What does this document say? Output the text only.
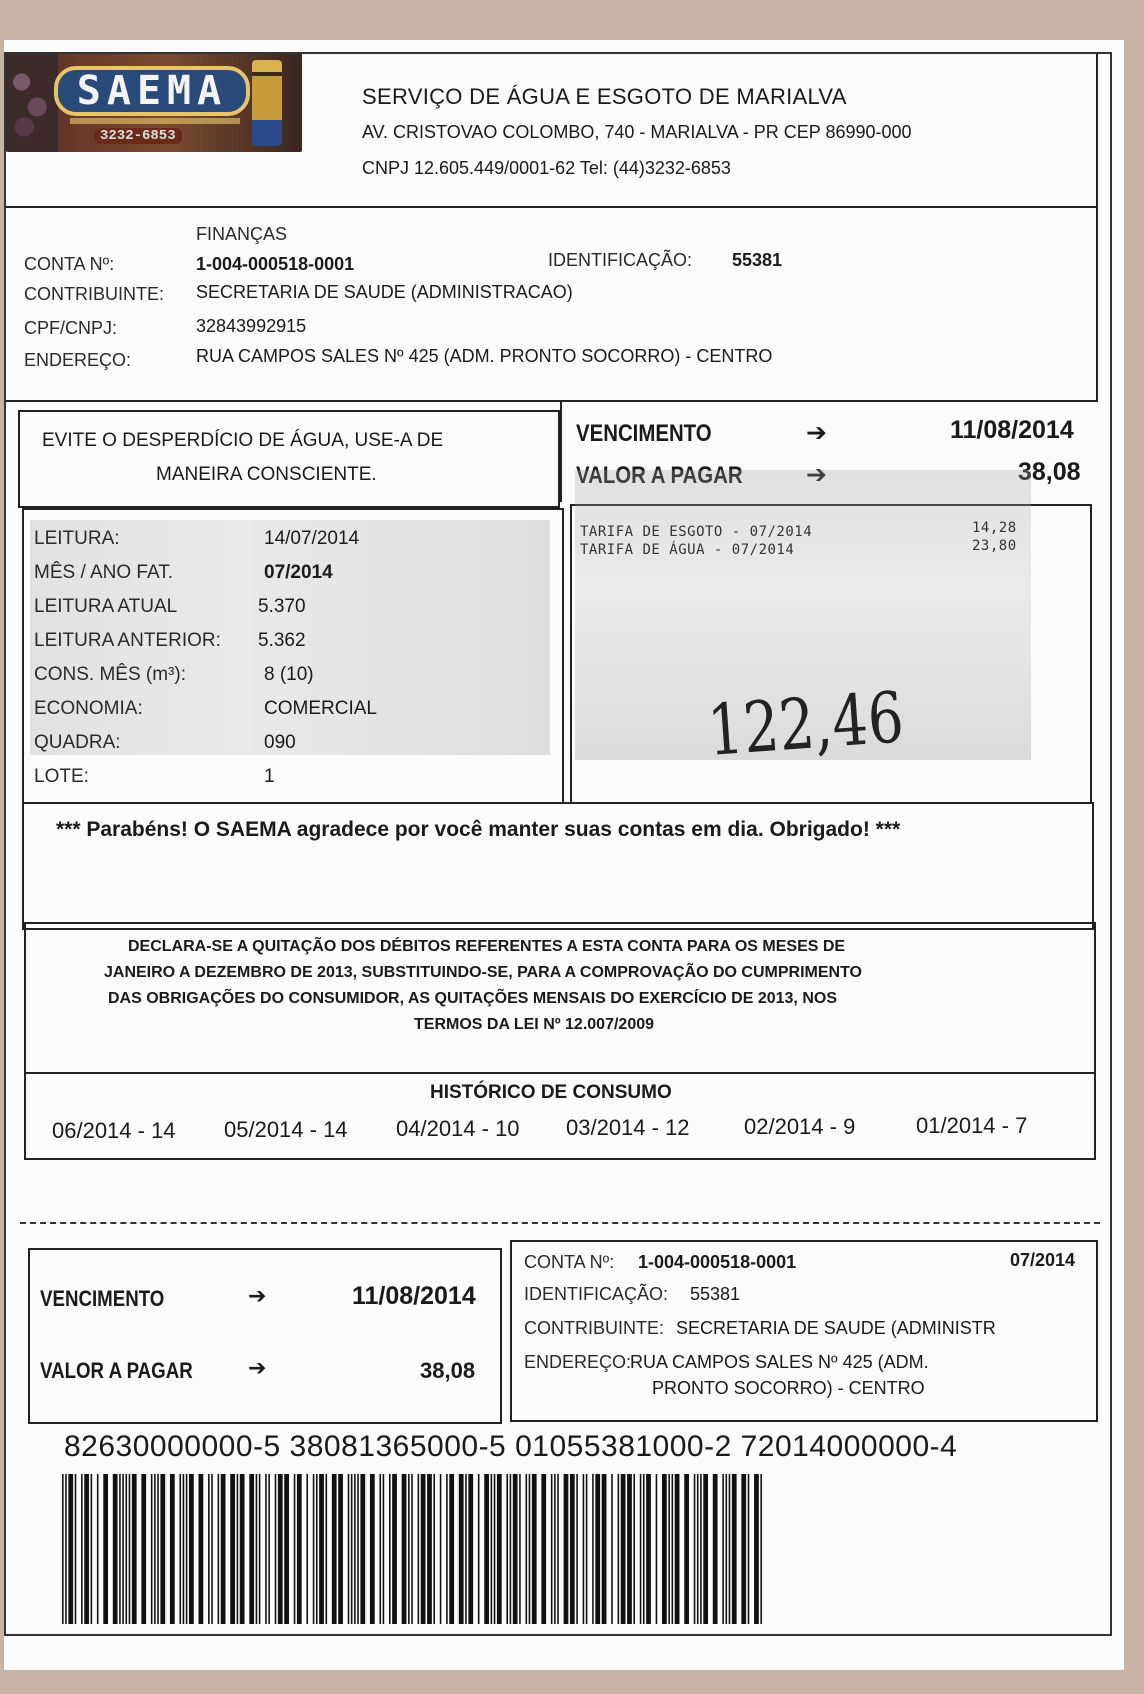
SAEMA
3232-6853
SERVIÇO DE ÁGUA E ESGOTO DE MARIALVA
AV. CRISTOVAO COLOMBO, 740 - MARIALVA - PR CEP 86990-000
CNPJ 12.605.449/0001-62 Tel: (44)3232-6853
FINANÇAS
CONTA Nº:	1-004-000518-0001	IDENTIFICAÇÃO: 55381
CONTRIBUINTE: SECRETARIA DE SAUDE (ADMINISTRACAO)
CPF/CNPJ:	32843992915
ENDEREÇO:	RUA CAMPOS SALES Nº 425 (ADM. PRONTO SOCORRO) - CENTRO
EVITE O DESPERDÍCIO DE ÁGUA, USE-A DE
MANEIRA CONSCIENTE.
VENCIMENTO	➔	11/08/2014
VALOR A PAGAR	➔	38,08
LEITURA:	14/07/2014
MÊS / ANO FAT.	07/2014
LEITURA ATUAL	5.370
LEITURA ANTERIOR: 5.362
CONS. MÊS (m³):	8 (10)
ECONOMIA:	COMERCIAL
QUADRA:	090
LOTE:	1
TARIFA DE ESGOTO - 07/2014	14,28
TARIFA DE ÁGUA - 07/2014	23,80
122,46
*** Parabéns! O SAEMA agradece por você manter suas contas em dia. Obrigado! ***
DECLARA-SE A QUITAÇÃO DOS DÉBITOS REFERENTES A ESTA CONTA PARA OS MESES DE
JANEIRO A DEZEMBRO DE 2013, SUBSTITUINDO-SE, PARA A COMPROVAÇÃO DO CUMPRIMENTO
DAS OBRIGAÇÕES DO CONSUMIDOR, AS QUITAÇÕES MENSAIS DO EXERCÍCIO DE 2013, NOS
TERMOS DA LEI Nº 12.007/2009
HISTÓRICO DE CONSUMO
06/2014 - 14 05/2014 - 14 04/2014 - 10 03/2014 - 12 02/2014 - 9	01/2014 - 7
VENCIMENTO	➔	11/08/2014
VALOR A PAGAR	➔	38,08
CONTA Nº: 1-004-000518-0001	07/2014
IDENTIFICAÇÃO: 55381
CONTRIBUINTE: SECRETARIA DE SAUDE (ADMINISTR
ENDEREÇO:
RUA CAMPOS SALES Nº 425 (ADM.
PRONTO SOCORRO) - CENTRO
82630000000-5 38081365000-5 01055381000-2 72014000000-4
